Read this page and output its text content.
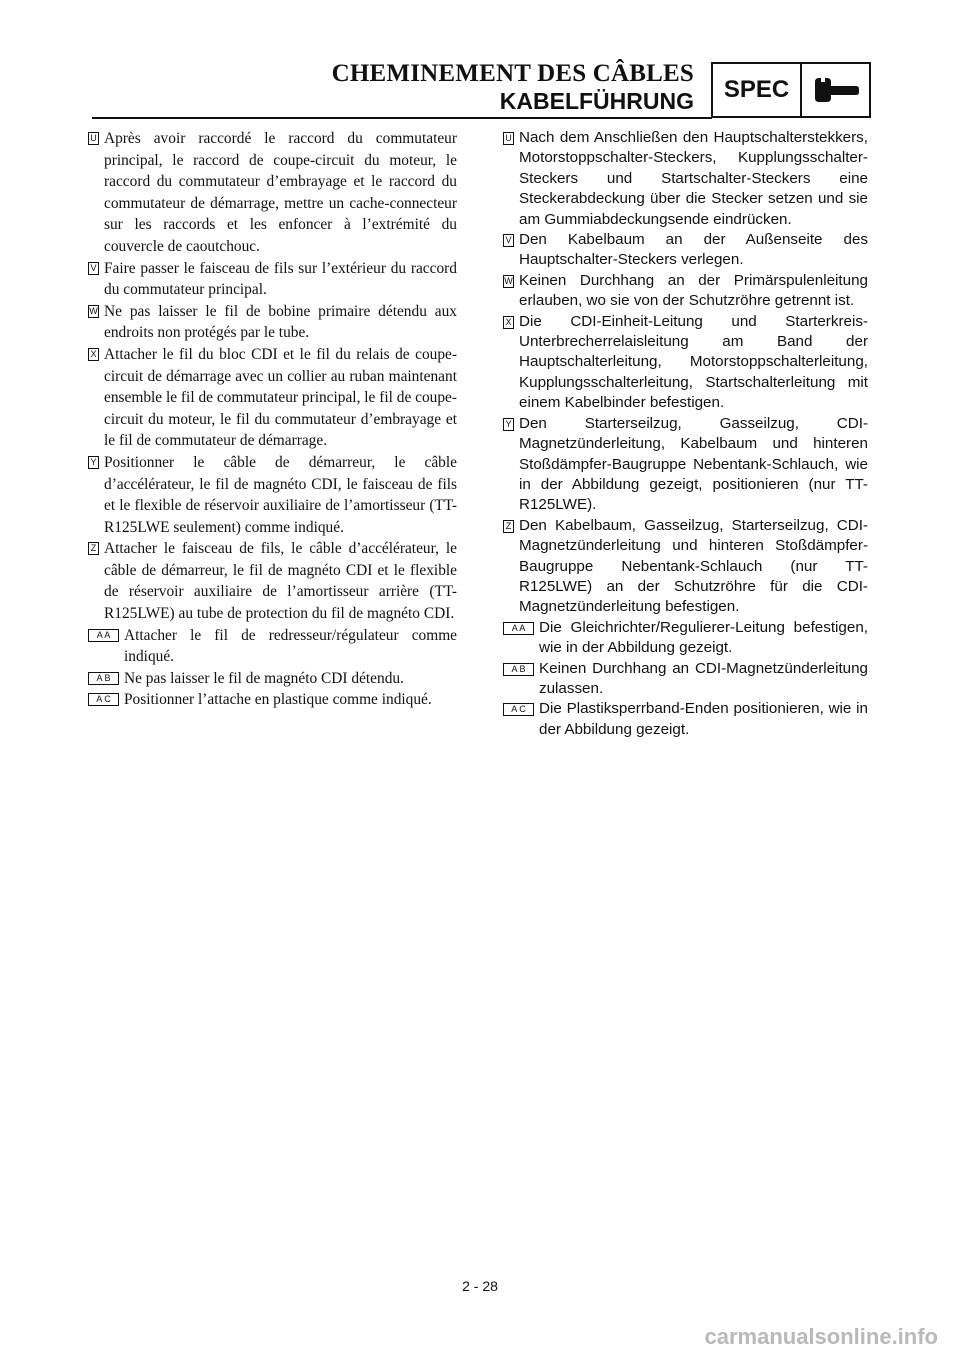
CHEMINEMENT DES CÂBLES
KABELFÜHRUNG	SPEC
U Après avoir raccordé le raccord du commutateur principal, le raccord de coupe-circuit du moteur, le raccord du commutateur d’embrayage et le raccord du commutateur de démarrage, mettre un cache-connecteur sur les raccords et les enfoncer à l’extrémité du couvercle de caoutchouc.
V Faire passer le faisceau de fils sur l’extérieur du raccord du commutateur principal.
W Ne pas laisser le fil de bobine primaire détendu aux endroits non protégés par le tube.
X Attacher le fil du bloc CDI et le fil du relais de coupe-circuit de démarrage avec un collier au ruban maintenant ensemble le fil de commutateur principal, le fil de coupe-circuit du moteur, le fil du commutateur d’embrayage et le fil de commutateur de démarrage.
Y Positionner le câble de démarreur, le câble d’accélérateur, le fil de magnéto CDI, le faisceau de fils et le flexible de réservoir auxiliaire de l’amortisseur (TT-R125LWE seulement) comme indiqué.
Z Attacher le faisceau de fils, le câble d’accélérateur, le câble de démarreur, le fil de magnéto CDI et le flexible de réservoir auxiliaire de l’amortisseur arrière (TT-R125LWE) au tube de protection du fil de magnéto CDI.
A A Attacher le fil de redresseur/régulateur comme indiqué.
A B Ne pas laisser le fil de magnéto CDI détendu.
A C Positionner l’attache en plastique comme indiqué.
U Nach dem Anschließen den Hauptschalterstekkers, Motorstoppschalter-Steckers, Kupplungsschalter-Steckers und Startschalter-Steckers eine Steckerabdeckung über die Stecker setzen und sie am Gummiabdeckungsende eindrücken.
V Den Kabelbaum an der Außenseite des Hauptschalter-Steckers verlegen.
W Keinen Durchhang an der Primärspulenleitung erlauben, wo sie von der Schutzröhre getrennt ist.
X Die CDI-Einheit-Leitung und Starterkreis-Unterbrecherrelaisleitung am Band der Hauptschalterleitung, Motorstoppschalterleitung, Kupplungsschalterleitung, Startschalterleitung mit einem Kabelbinder befestigen.
Y Den Starterseilzug, Gasseilzug, CDI-Magnetzünderleitung, Kabelbaum und hinteren Stoßdämpfer-Baugruppe Nebentank-Schlauch, wie in der Abbildung gezeigt, positionieren (nur TT-R125LWE).
Z Den Kabelbaum, Gasseilzug, Starterseilzug, CDI-Magnetzünderleitung und hinteren Stoßdämpfer-Baugruppe Nebentank-Schlauch (nur TT-R125LWE) an der Schutzröhre für die CDI-Magnetzünderleitung befestigen.
A A Die Gleichrichter/Regulierer-Leitung befestigen, wie in der Abbildung gezeigt.
A B Keinen Durchhang an CDI-Magnetzünderleitung zulassen.
A C Die Plastiksperrband-Enden positionieren, wie in der Abbildung gezeigt.
2 - 28
carmanualsonline.info
